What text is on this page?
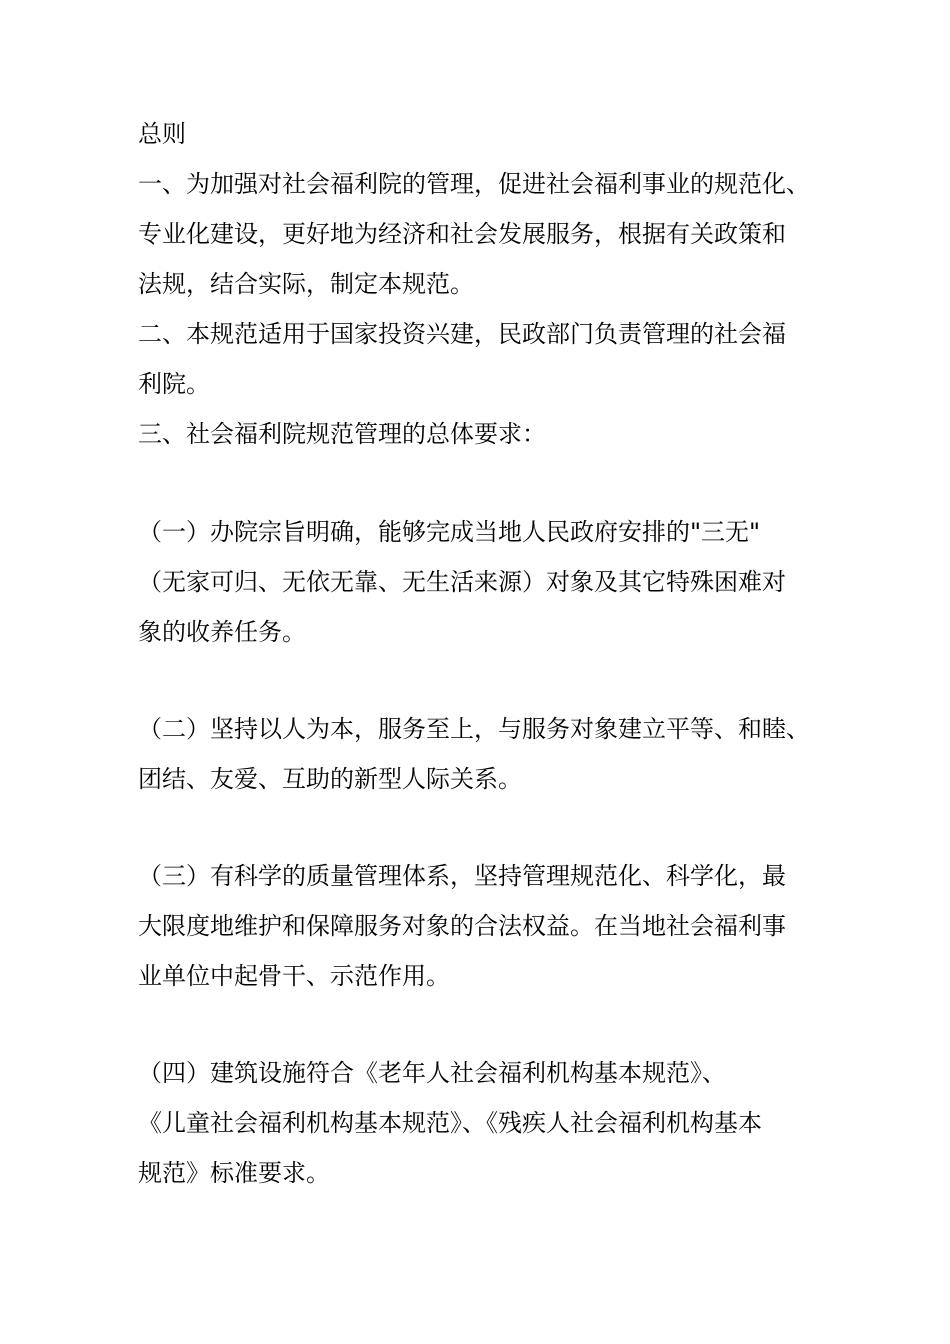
总则
一、为加强对社会福利院的管理，促进社会福利事业的规范化、
专业化建设，更好地为经济和社会发展服务，根据有关政策和
法规，结合实际，制定本规范。
二、本规范适用于国家投资兴建，民政部门负责管理的社会福
利院。
三、社会福利院规范管理的总体要求：
（一）办院宗旨明确，能够完成当地人民政府安排的"三无"
（无家可归、无依无靠、无生活来源）对象及其它特殊困难对
象的收养任务。
（二）坚持以人为本，服务至上，与服务对象建立平等、和睦、
团结、友爱、互助的新型人际关系。
（三）有科学的质量管理体系，坚持管理规范化、科学化，最
大限度地维护和保障服务对象的合法权益。在当地社会福利事
业单位中起骨干、示范作用。
（四）建筑设施符合《老年人社会福利机构基本规范》、
《儿童社会福利机构基本规范》、《残疾人社会福利机构基本
规范》标准要求。
